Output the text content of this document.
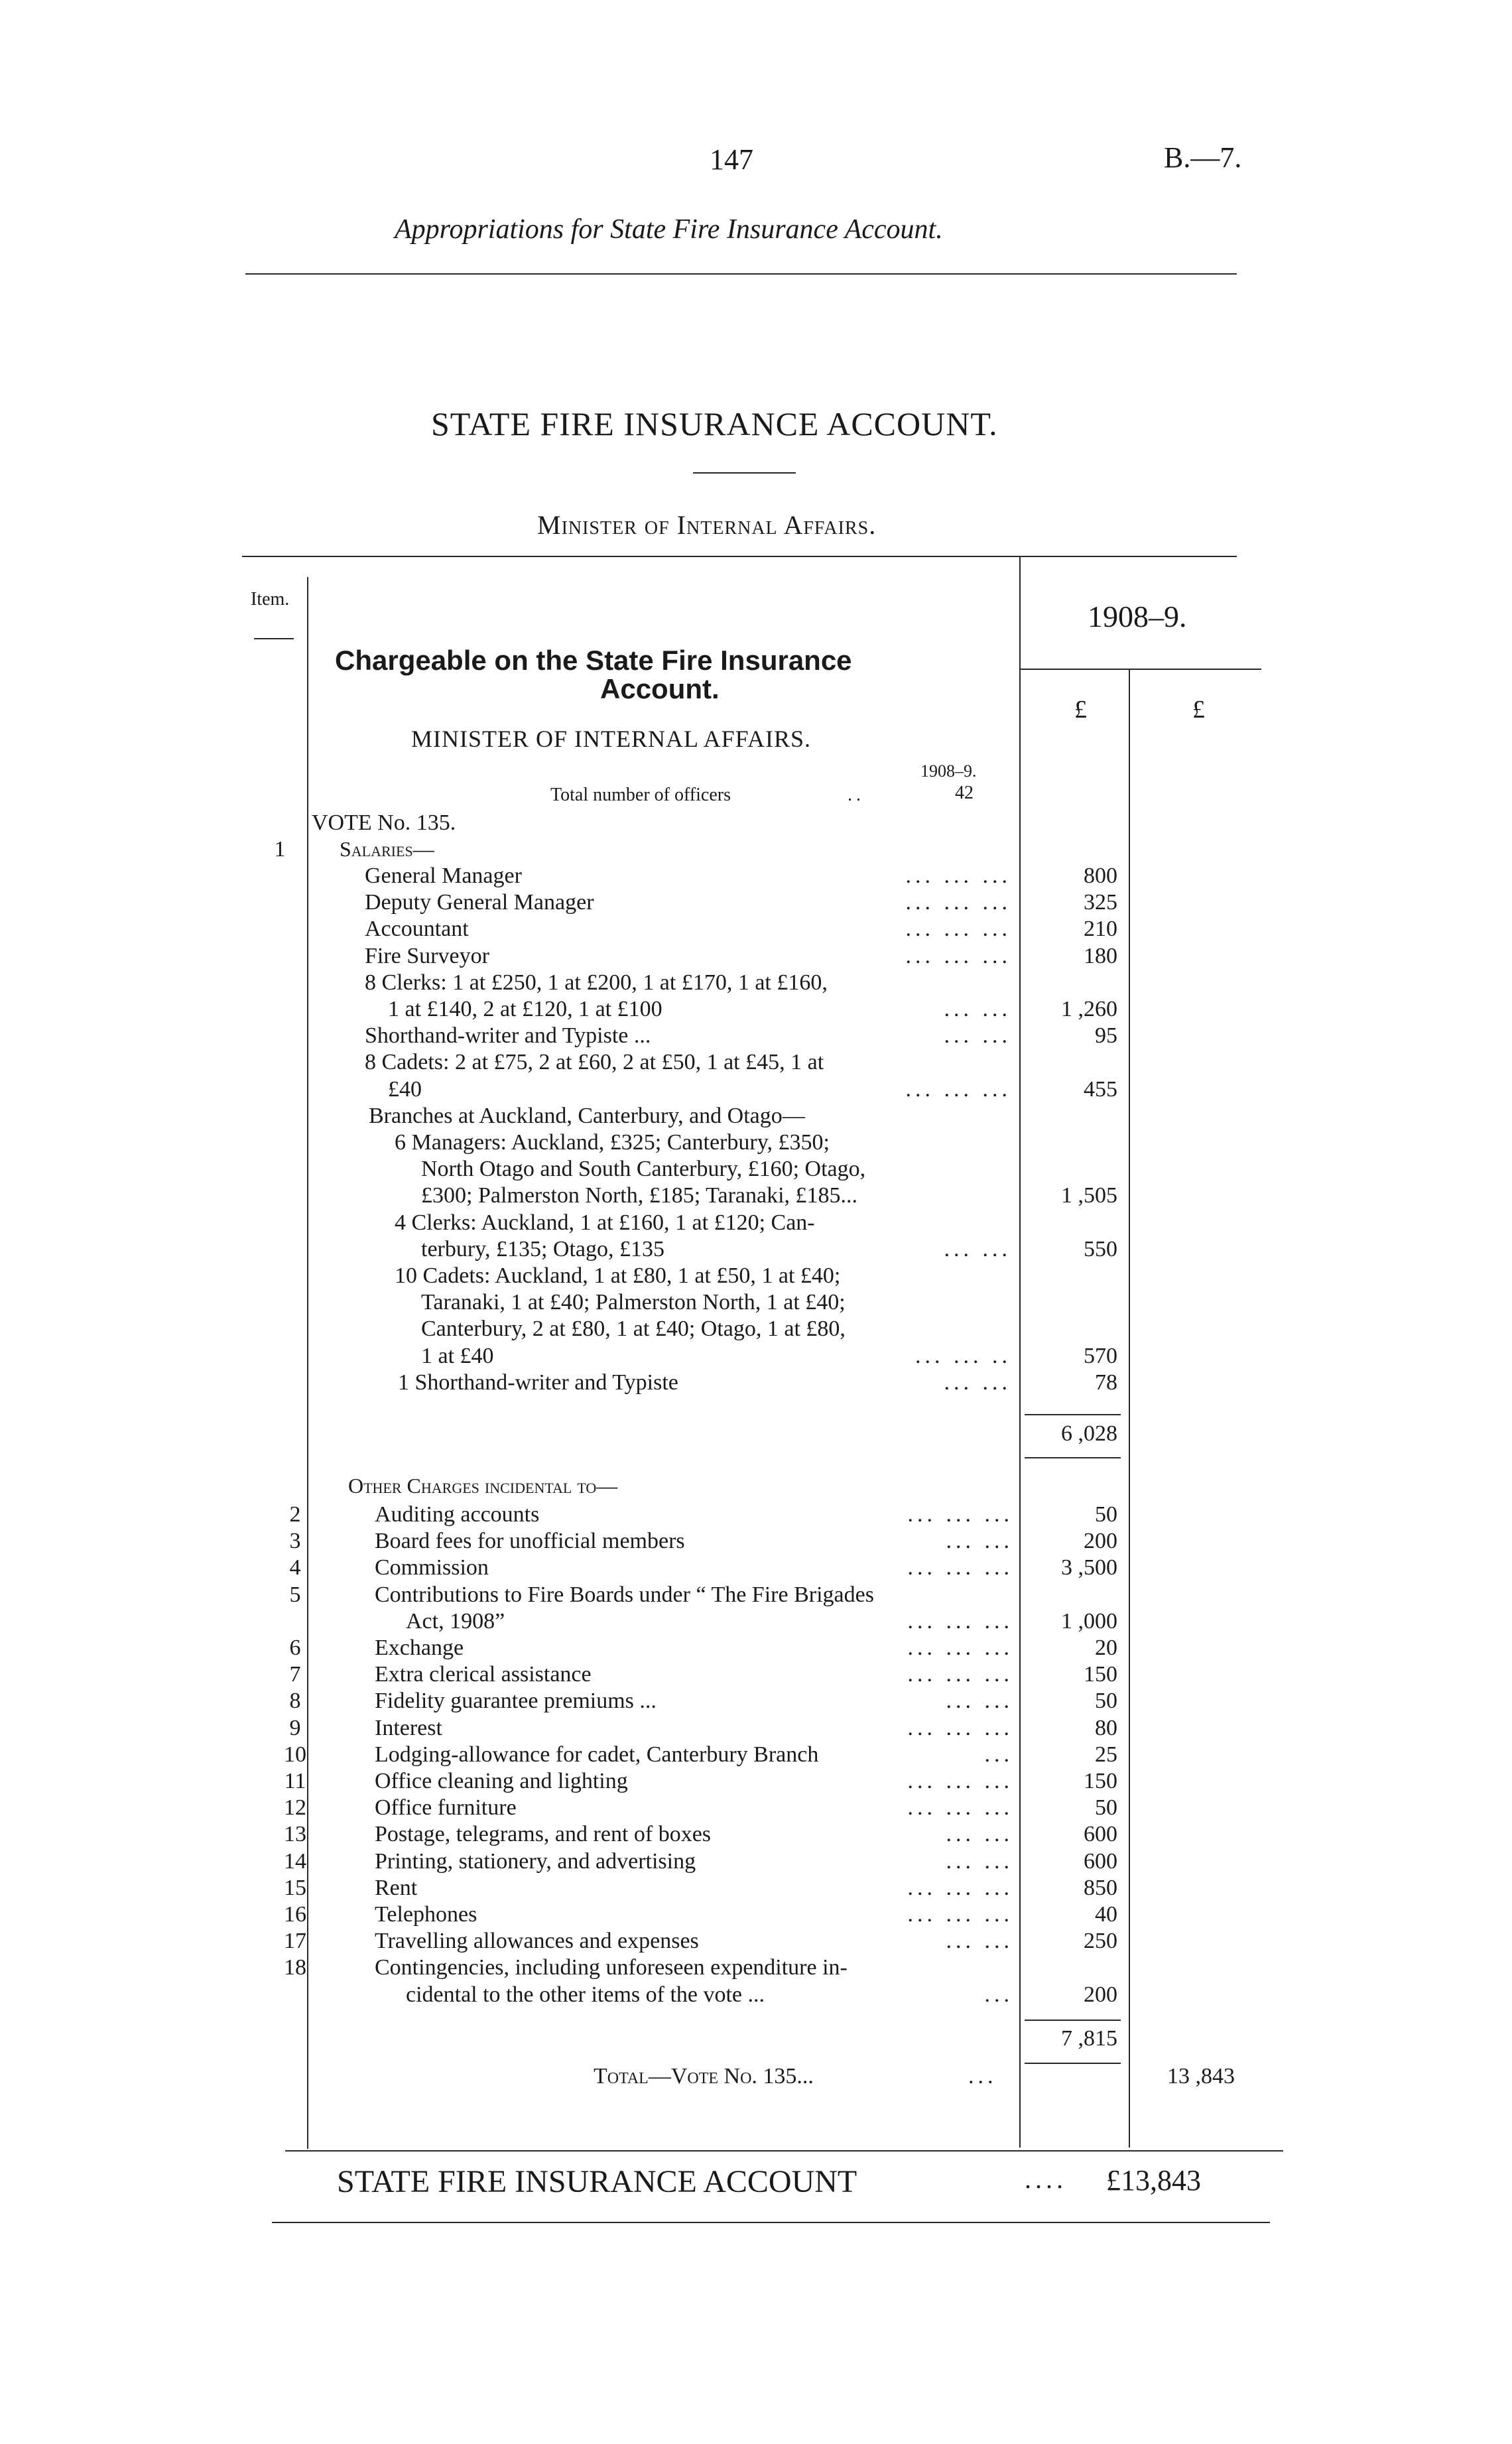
147	B.—7.
Appropriations for State Fire Insurance Account.
STATE FIRE INSURANCE ACCOUNT.
Minister of Internal Affairs.
Item.
1908–9.
£	£
Chargeable on the State Fire Insurance
Account.
MINISTER OF INTERNAL AFFAIRS.
1908–9.
Total number of officers	..	42
VOTE No. 135.
1	Salaries—
General Manager	... ... ...	800
Deputy General Manager	... ... ...	325
Accountant	... ... ...	210
Fire Surveyor	... ... ...	180
8 Clerks: 1 at £250, 1 at £200, 1 at £170, 1 at £160,
1 at £140, 2 at £120, 1 at £100	... ...	1 ,260
Shorthand-writer and Typiste ...	... ...	95
8 Cadets: 2 at £75, 2 at £60, 2 at £50, 1 at £45, 1 at
£40	... ... ...	455
Branches at Auckland, Canterbury, and Otago—
6 Managers: Auckland, £325; Canterbury, £350;
North Otago and South Canterbury, £160; Otago,
£300; Palmerston North, £185; Taranaki, £185...	1 ,505
4 Clerks: Auckland, 1 at £160, 1 at £120; Can-
terbury, £135; Otago, £135	... ...	550
10 Cadets: Auckland, 1 at £80, 1 at £50, 1 at £40;
Taranaki, 1 at £40; Palmerston North, 1 at £40;
Canterbury, 2 at £80, 1 at £40; Otago, 1 at £80,
1 at £40	... ... ..	570
1 Shorthand-writer and Typiste	... ...	78
6 ,028
Other Charges incidental to—
2	Auditing accounts	... ... ...	50
3	Board fees for unofficial members	... ...	200
4	Commission	... ... ...	3 ,500
5	Contributions to Fire Boards under “ The Fire Brigades
Act, 1908”	... ... ...	1 ,000
6	Exchange	... ... ...	20
7	Extra clerical assistance	... ... ...	150
8	Fidelity guarantee premiums ...	... ...	50
9	Interest	... ... ...	80
10	Lodging-allowance for cadet, Canterbury Branch	...	25
11	Office cleaning and lighting	... ... ...	150
12	Office furniture	... ... ...	50
13	Postage, telegrams, and rent of boxes	... ...	600
14	Printing, stationery, and advertising	... ...	600
15	Rent	... ... ...	850
16	Telephones	... ... ...	40
17	Travelling allowances and expenses	... ...	250
18	Contingencies, including unforeseen expenditure in-
cidental to the other items of the vote ...	...	200
7 ,815
Total—Vote No. 135...	...	13 ,843
STATE FIRE INSURANCE ACCOUNT	.... £13,843
